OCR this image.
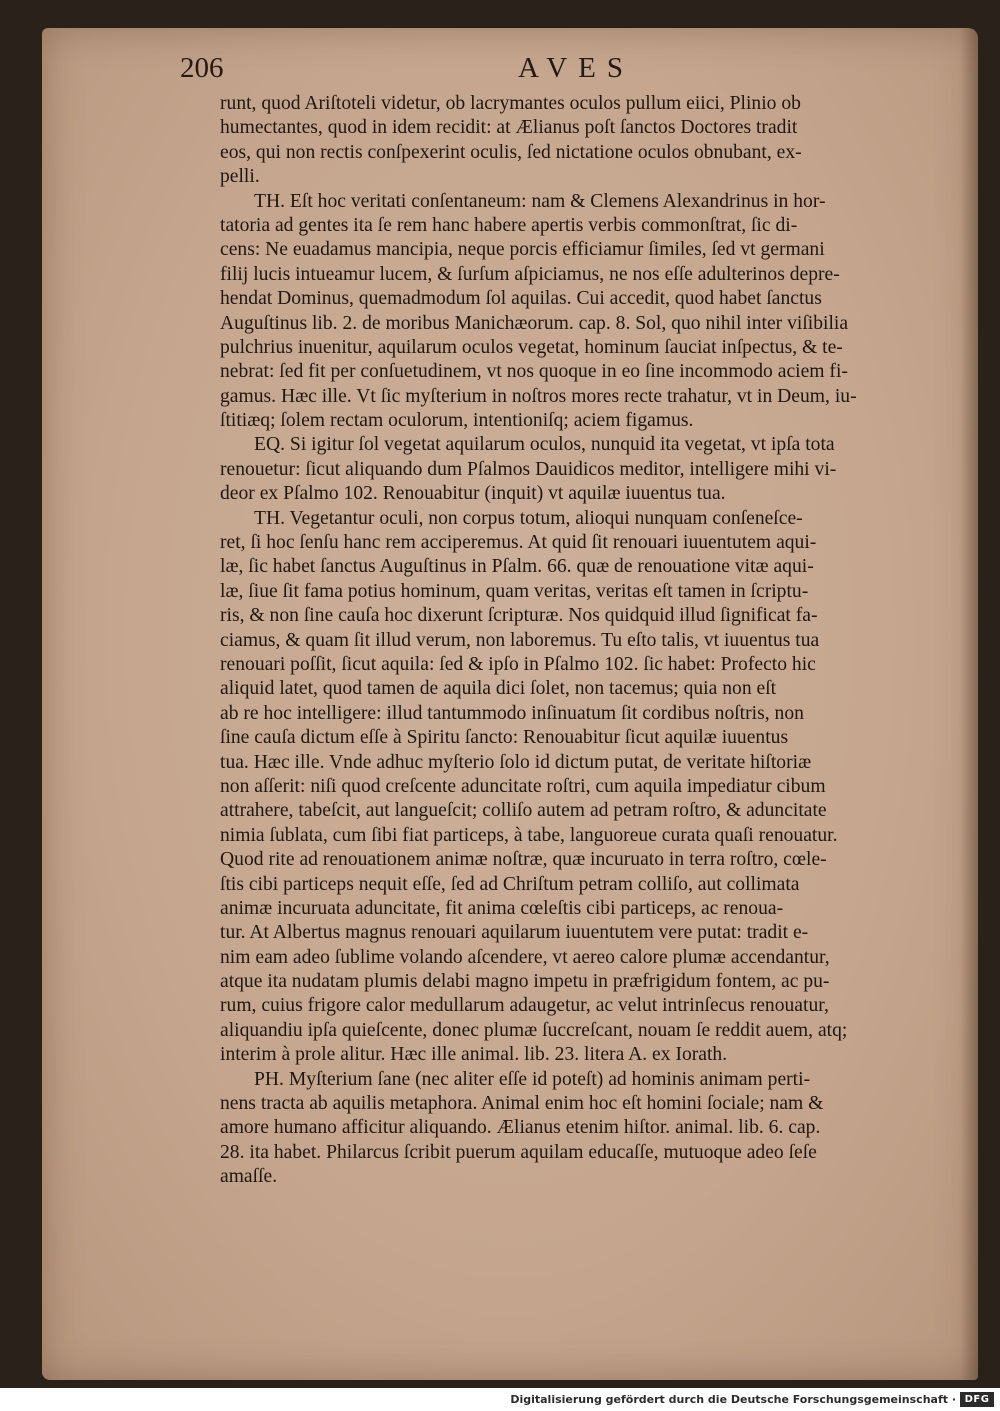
206	AVES
runt, quod Ariſtoteli videtur, ob lacrymantes oculos pullum eiici, Plinio ob
humectantes, quod in idem recidit: at Ælianus poſt ſanctos Doctores tradit
eos, qui non rectis conſpexerint oculis, ſed nictatione oculos obnubant, ex-
pelli.
TH. Eſt hoc veritati conſentaneum: nam & Clemens Alexandrinus in hor-
tatoria ad gentes ita ſe rem hanc habere apertis verbis commonſtrat, ſic di-
cens: Ne euadamus mancipia, neque porcis efficiamur ſimiles, ſed vt germani
filij lucis intueamur lucem, & ſurſum aſpiciamus, ne nos eſſe adulterinos depre-
hendat Dominus, quemadmodum ſol aquilas. Cui accedit, quod habet ſanctus
Auguſtinus lib. 2. de moribus Manichæorum. cap. 8. Sol, quo nihil inter viſibilia
pulchrius inuenitur, aquilarum oculos vegetat, hominum ſauciat inſpectus, & te-
nebrat: ſed fit per conſuetudinem, vt nos quoque in eo ſine incommodo aciem fi-
gamus. Hæc ille. Vt ſic myſterium in noſtros mores recte trahatur, vt in Deum, iu-
ſtitiæq; ſolem rectam oculorum, intentioniſq; aciem figamus.
EQ. Si igitur ſol vegetat aquilarum oculos, nunquid ita vegetat, vt ipſa tota
renouetur: ſicut aliquando dum Pſalmos Dauidicos meditor, intelligere mihi vi-
deor ex Pſalmo 102. Renouabitur (inquit) vt aquilæ iuuentus tua.
TH. Vegetantur oculi, non corpus totum, alioqui nunquam conſeneſce-
ret, ſi hoc ſenſu hanc rem acciperemus. At quid ſit renouari iuuentutem aqui-
læ, ſic habet ſanctus Auguſtinus in Pſalm. 66. quæ de renouatione vitæ aqui-
læ, ſiue ſit fama potius hominum, quam veritas, veritas eſt tamen in ſcriptu-
ris, & non ſine cauſa hoc dixerunt ſcripturæ. Nos quidquid illud ſignificat fa-
ciamus, & quam ſit illud verum, non laboremus. Tu eſto talis, vt iuuentus tua
renouari poſſit, ſicut aquila: ſed & ipſo in Pſalmo 102. ſic habet: Profecto hic
aliquid latet, quod tamen de aquila dici ſolet, non tacemus; quia non eſt
ab re hoc intelligere: illud tantummodo inſinuatum ſit cordibus noſtris, non
ſine cauſa dictum eſſe à Spiritu ſancto: Renouabitur ſicut aquilæ iuuentus
tua. Hæc ille. Vnde adhuc myſterio ſolo id dictum putat, de veritate hiſtoriæ
non aſſerit: niſi quod creſcente aduncitate roſtri, cum aquila impediatur cibum
attrahere, tabeſcit, aut langueſcit; colliſo autem ad petram roſtro, & aduncitate
nimia ſublata, cum ſibi fiat particeps, à tabe, languoreue curata quaſi renouatur.
Quod rite ad renouationem animæ noſtræ, quæ incuruato in terra roſtro, cœle-
ſtis cibi particeps nequit eſſe, ſed ad Chriſtum petram colliſo, aut collimata
animæ incuruata aduncitate, fit anima cœleſtis cibi particeps, ac renoua-
tur. At Albertus magnus renouari aquilarum iuuentutem vere putat: tradit e-
nim eam adeo ſublime volando aſcendere, vt aereo calore plumæ accendantur,
atque ita nudatam plumis delabi magno impetu in præfrigidum fontem, ac pu-
rum, cuius frigore calor medullarum adaugetur, ac velut intrinſecus renouatur,
aliquandiu ipſa quieſcente, donec plumæ ſuccreſcant, nouam ſe reddit auem, atq;
interim à prole alitur. Hæc ille animal. lib. 23. litera A. ex Iorath.
PH. Myſterium ſane (nec aliter eſſe id poteſt) ad hominis animam perti-
nens tracta ab aquilis metaphora. Animal enim hoc eſt homini ſociale; nam &
amore humano afficitur aliquando. Ælianus etenim hiſtor. animal. lib. 6. cap.
28. ita habet. Philarcus ſcribit puerum aquilam educaſſe, mutuoque adeo ſeſe
amaſſe.
Digitalisierung gefördert durch die Deutsche Forschungsgemeinschaft · DFG
